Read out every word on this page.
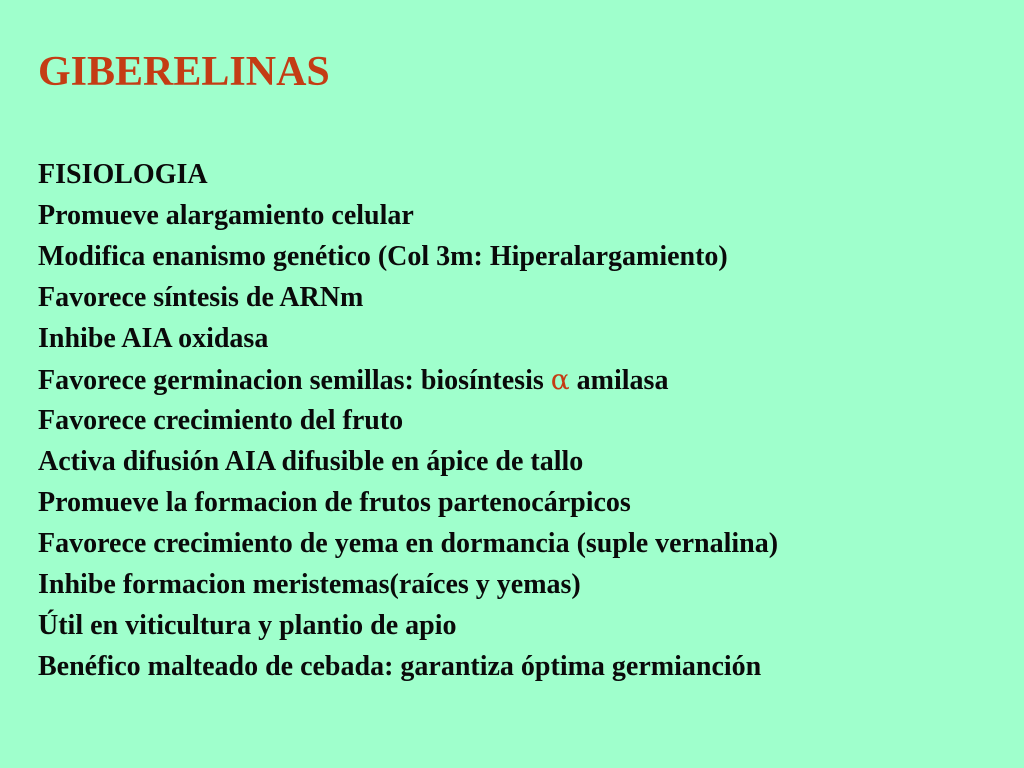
GIBERELINAS
FISIOLOGIA
Promueve alargamiento celular
Modifica enanismo genético (Col 3m: Hiperalargamiento)
Favorece síntesis de ARNm
Inhibe AIA oxidasa
Favorece germinacion semillas: biosíntesis α amilasa
Favorece crecimiento del fruto
Activa difusión AIA difusible en ápice de tallo
Promueve la formacion de frutos partenocárpicos
Favorece crecimiento de yema en dormancia (suple vernalina)
Inhibe formacion meristemas(raíces y yemas)
Útil en viticultura y plantio de apio
Benéfico malteado de cebada: garantiza óptima germianción
